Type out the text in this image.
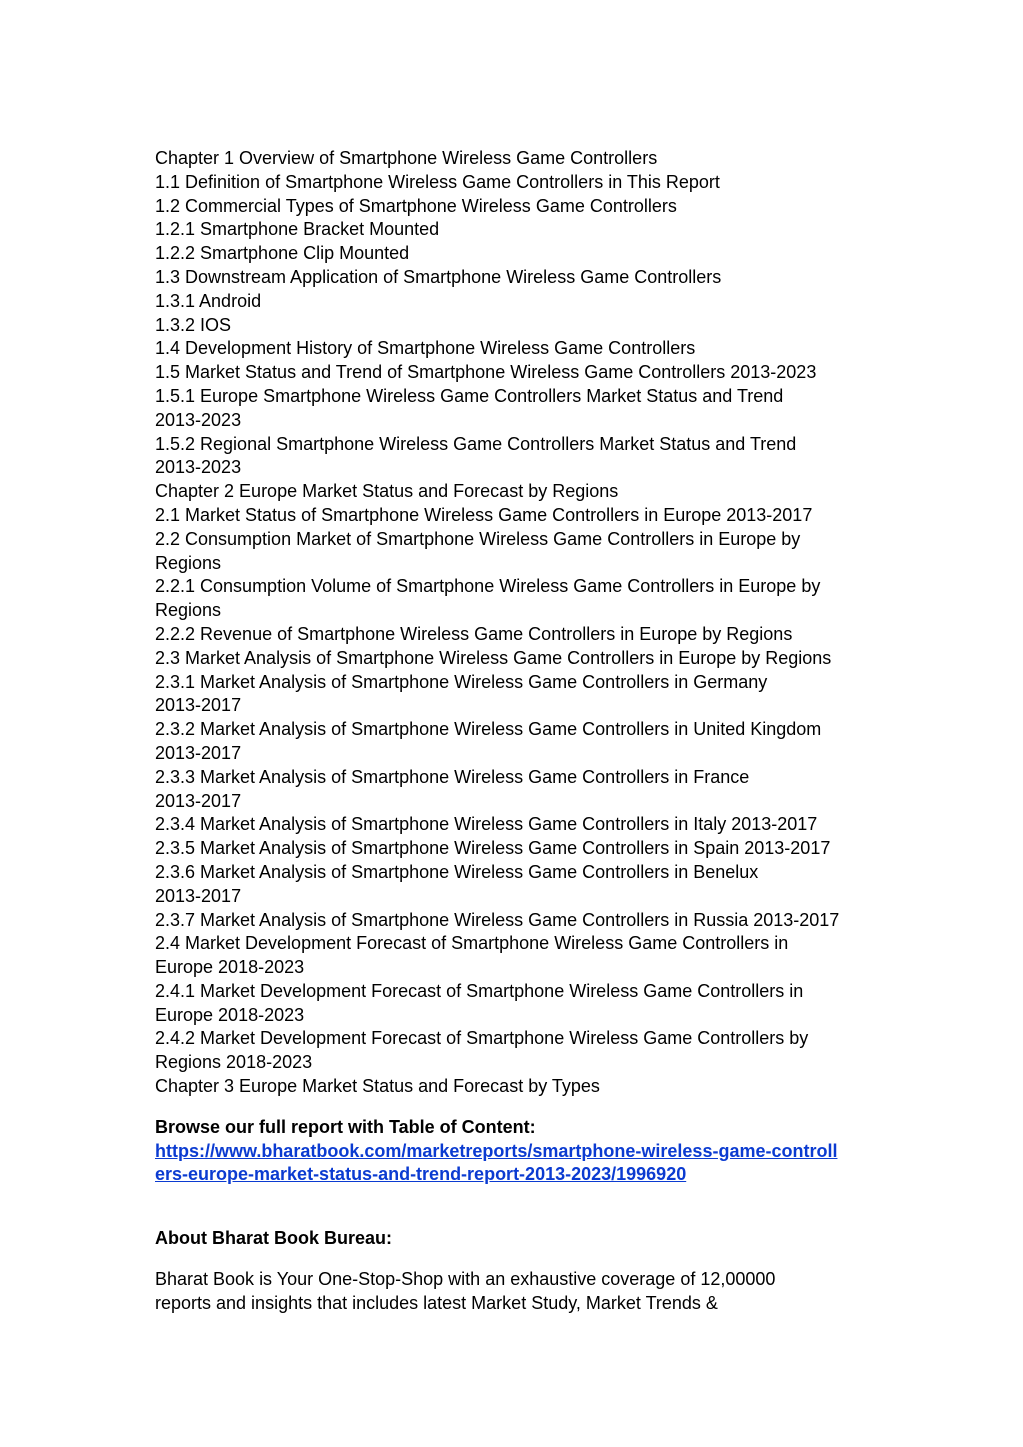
Chapter 1 Overview of Smartphone Wireless Game Controllers
1.1 Definition of Smartphone Wireless Game Controllers in This Report
1.2 Commercial Types of Smartphone Wireless Game Controllers
1.2.1 Smartphone Bracket Mounted
1.2.2 Smartphone Clip Mounted
1.3 Downstream Application of Smartphone Wireless Game Controllers
1.3.1 Android
1.3.2 IOS
1.4 Development History of Smartphone Wireless Game Controllers
1.5 Market Status and Trend of Smartphone Wireless Game Controllers 2013-2023
1.5.1 Europe Smartphone Wireless Game Controllers Market Status and Trend
2013-2023
1.5.2 Regional Smartphone Wireless Game Controllers Market Status and Trend
2013-2023
Chapter 2 Europe Market Status and Forecast by Regions
2.1 Market Status of Smartphone Wireless Game Controllers in Europe 2013-2017
2.2 Consumption Market of Smartphone Wireless Game Controllers in Europe by
Regions
2.2.1 Consumption Volume of Smartphone Wireless Game Controllers in Europe by
Regions
2.2.2 Revenue of Smartphone Wireless Game Controllers in Europe by Regions
2.3 Market Analysis of Smartphone Wireless Game Controllers in Europe by Regions
2.3.1 Market Analysis of Smartphone Wireless Game Controllers in Germany
2013-2017
2.3.2 Market Analysis of Smartphone Wireless Game Controllers in United Kingdom
2013-2017
2.3.3 Market Analysis of Smartphone Wireless Game Controllers in France
2013-2017
2.3.4 Market Analysis of Smartphone Wireless Game Controllers in Italy 2013-2017
2.3.5 Market Analysis of Smartphone Wireless Game Controllers in Spain 2013-2017
2.3.6 Market Analysis of Smartphone Wireless Game Controllers in Benelux
2013-2017
2.3.7 Market Analysis of Smartphone Wireless Game Controllers in Russia 2013-2017
2.4 Market Development Forecast of Smartphone Wireless Game Controllers in
Europe 2018-2023
2.4.1 Market Development Forecast of Smartphone Wireless Game Controllers in
Europe 2018-2023
2.4.2 Market Development Forecast of Smartphone Wireless Game Controllers by
Regions 2018-2023
Chapter 3 Europe Market Status and Forecast by Types
Browse our full report with Table of Content:
https://www.bharatbook.com/marketreports/smartphone-wireless-game-controll
ers-europe-market-status-and-trend-report-2013-2023/1996920
About Bharat Book Bureau:
Bharat Book is Your One-Stop-Shop with an exhaustive coverage of 12,00000
reports and insights that includes latest Market Study, Market Trends &
